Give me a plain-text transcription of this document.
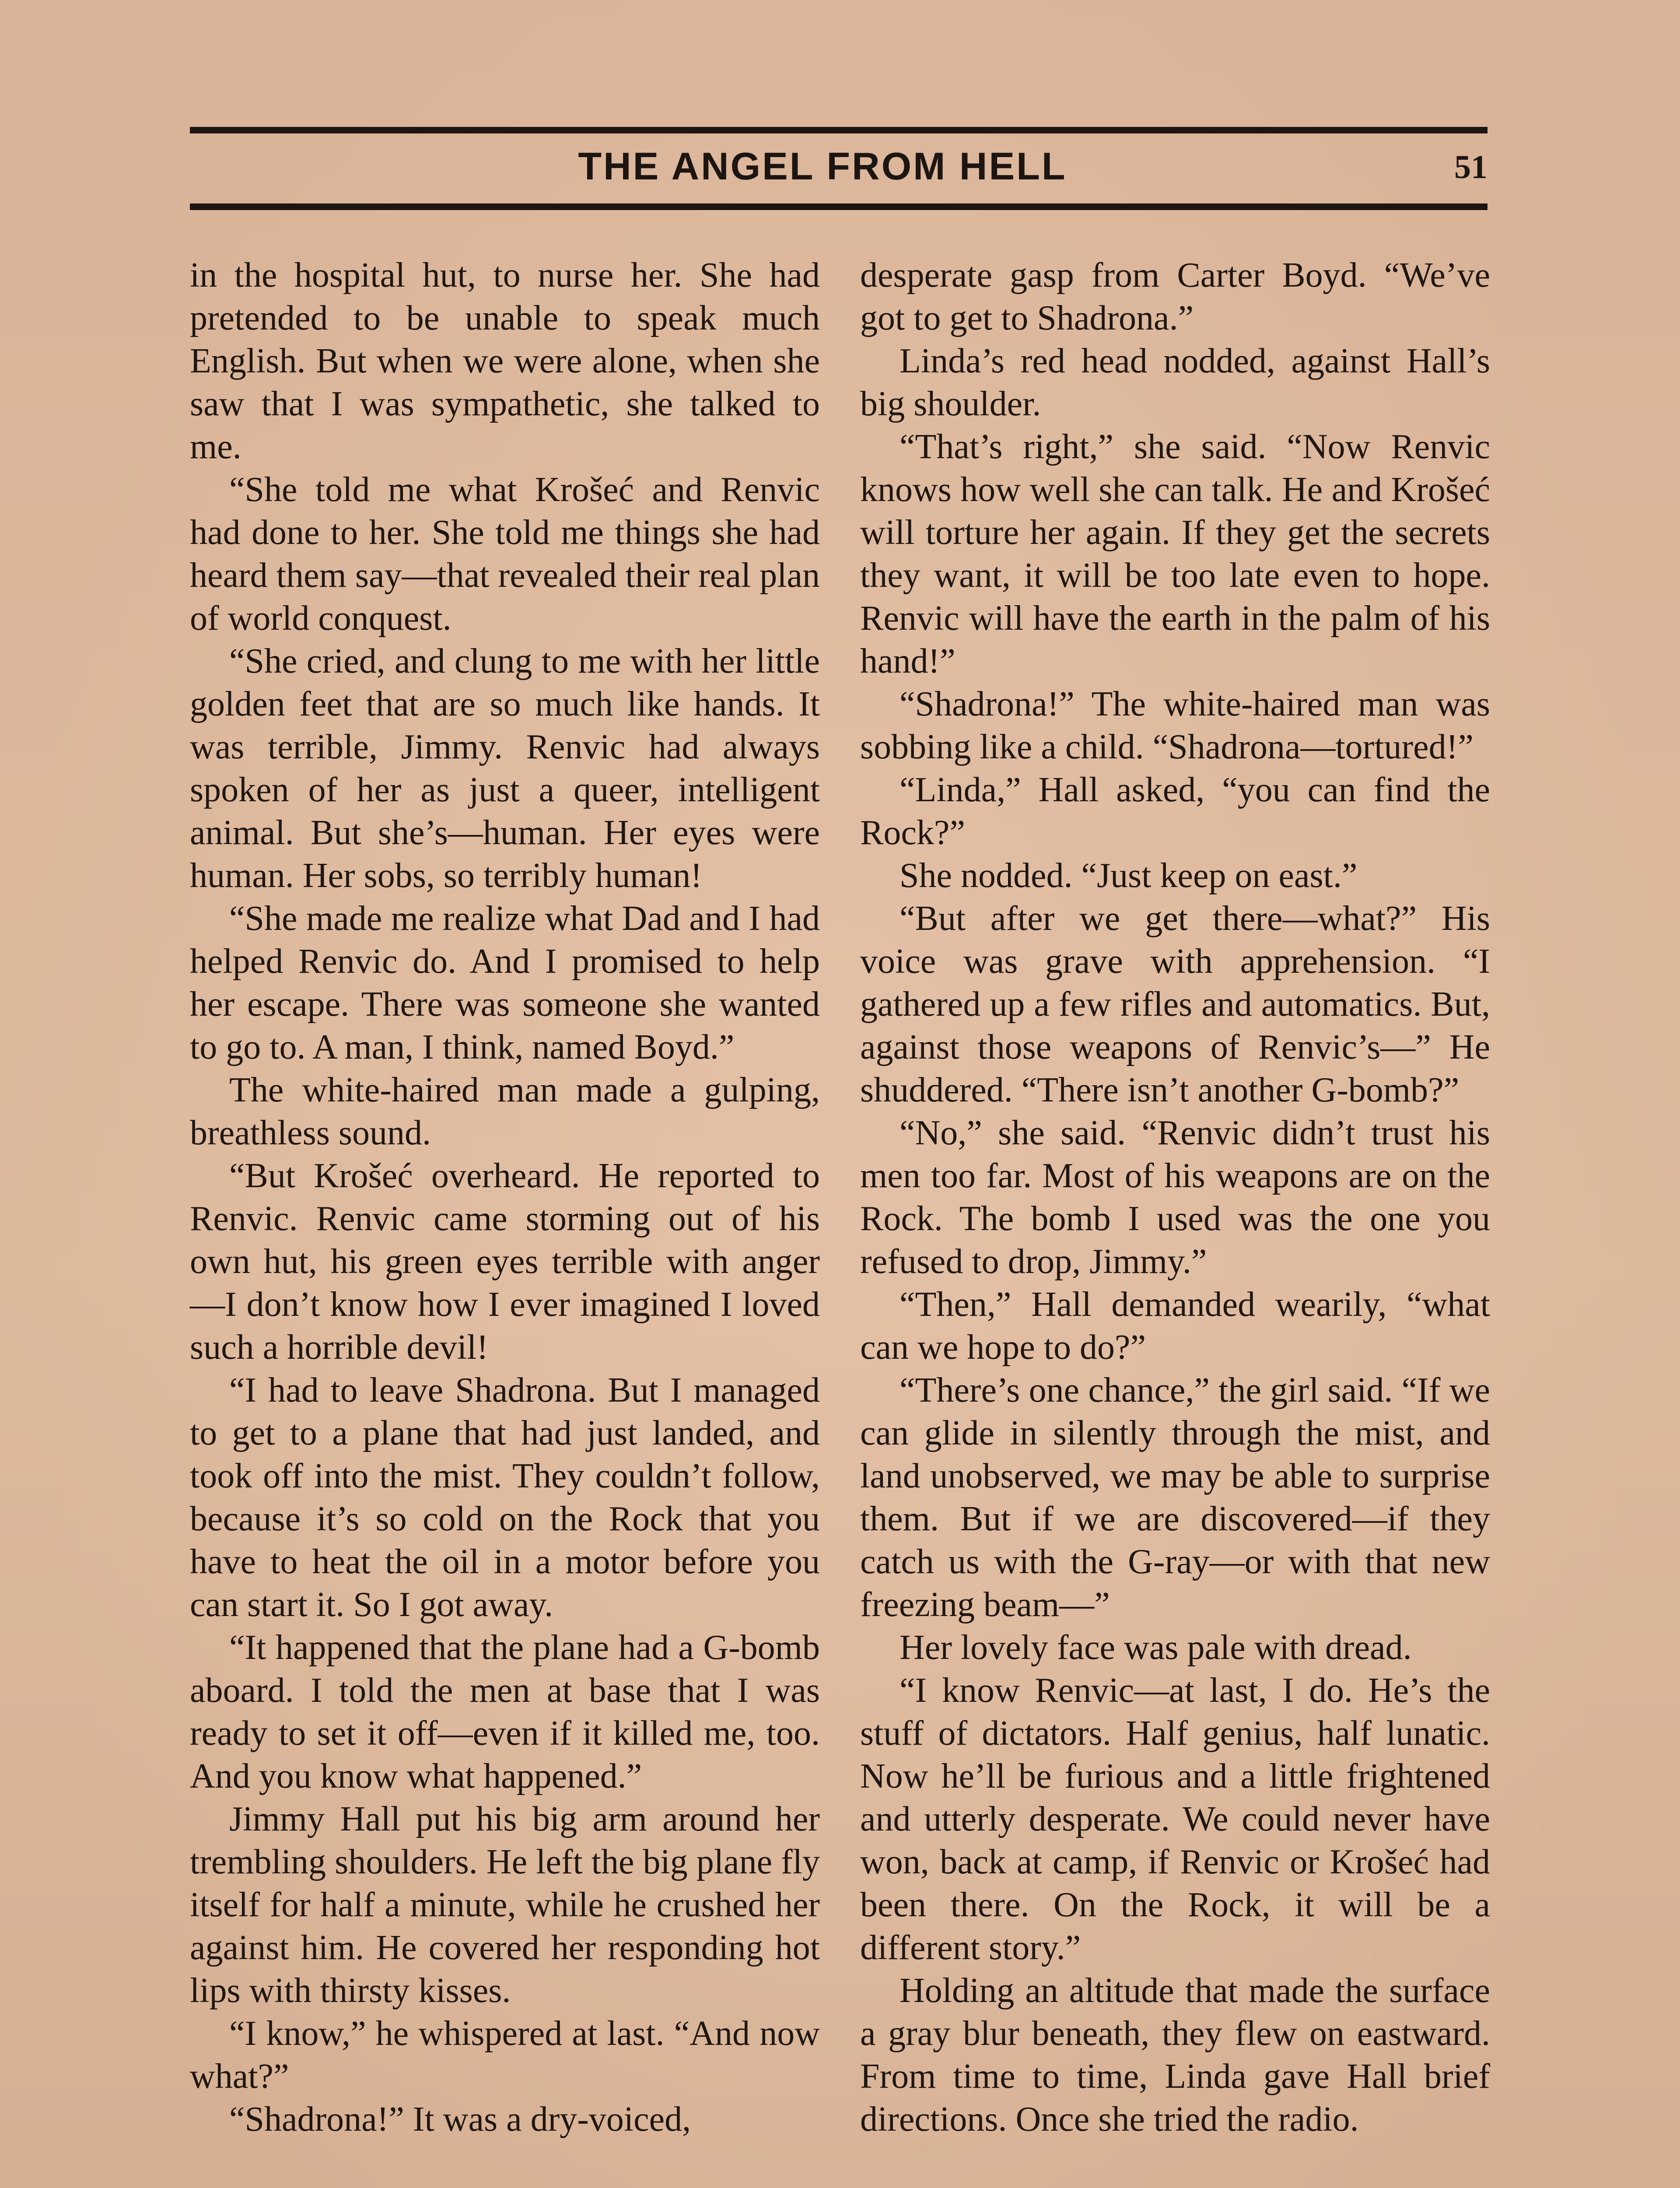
THE ANGEL FROM HELL	51

in the hospital hut, to nurse her. She had pretended to be unable to speak much English. But when we were alone, when she saw that I was sympathetic, she talked to me.

“She told me what Krošeć and Renvic had done to her. She told me things she had heard them say—that revealed their real plan of world conquest.

“She cried, and clung to me with her little golden feet that are so much like hands. It was terrible, Jimmy. Renvic had always spoken of her as just a queer, intelligent animal. But she’s—human. Her eyes were human. Her sobs, so terribly human!

“She made me realize what Dad and I had helped Renvic do. And I promised to help her escape. There was someone she wanted to go to. A man, I think, named Boyd.”

The white-haired man made a gulping, breathless sound.

“But Krošeć overheard. He reported to Renvic. Renvic came storming out of his own hut, his green eyes terrible with anger—I don’t know how I ever imagined I loved such a horrible devil!

“I had to leave Shadrona. But I managed to get to a plane that had just landed, and took off into the mist. They couldn’t follow, because it’s so cold on the Rock that you have to heat the oil in a motor before you can start it. So I got away.

“It happened that the plane had a G-bomb aboard. I told the men at base that I was ready to set it off—even if it killed me, too. And you know what happened.”

Jimmy Hall put his big arm around her trembling shoulders. He left the big plane fly itself for half a minute, while he crushed her against him. He covered her responding hot lips with thirsty kisses.

“I know,” he whispered at last. “And now what?”

“Shadrona!” It was a dry-voiced,

desperate gasp from Carter Boyd. “We’ve got to get to Shadrona.”

Linda’s red head nodded, against Hall’s big shoulder.

“That’s right,” she said. “Now Renvic knows how well she can talk. He and Krošeć will torture her again. If they get the secrets they want, it will be too late even to hope. Renvic will have the earth in the palm of his hand!”

“Shadrona!” The white-haired man was sobbing like a child. “Shadrona—tortured!”

“Linda,” Hall asked, “you can find the Rock?”

She nodded. “Just keep on east.”

“But after we get there—what?” His voice was grave with apprehension. “I gathered up a few rifles and automatics. But, against those weapons of Renvic’s—” He shuddered. “There isn’t another G-bomb?”

“No,” she said. “Renvic didn’t trust his men too far. Most of his weapons are on the Rock. The bomb I used was the one you refused to drop, Jimmy.”

“Then,” Hall demanded wearily, “what can we hope to do?”

“There’s one chance,” the girl said. “If we can glide in silently through the mist, and land unobserved, we may be able to surprise them. But if we are discovered—if they catch us with the G-ray—or with that new freezing beam—”

Her lovely face was pale with dread.

“I know Renvic—at last, I do. He’s the stuff of dictators. Half genius, half lunatic. Now he’ll be furious and a little frightened and utterly desperate. We could never have won, back at camp, if Renvic or Krošeć had been there. On the Rock, it will be a different story.”

Holding an altitude that made the surface a gray blur beneath, they flew on eastward. From time to time, Linda gave Hall brief directions. Once she tried the radio.
